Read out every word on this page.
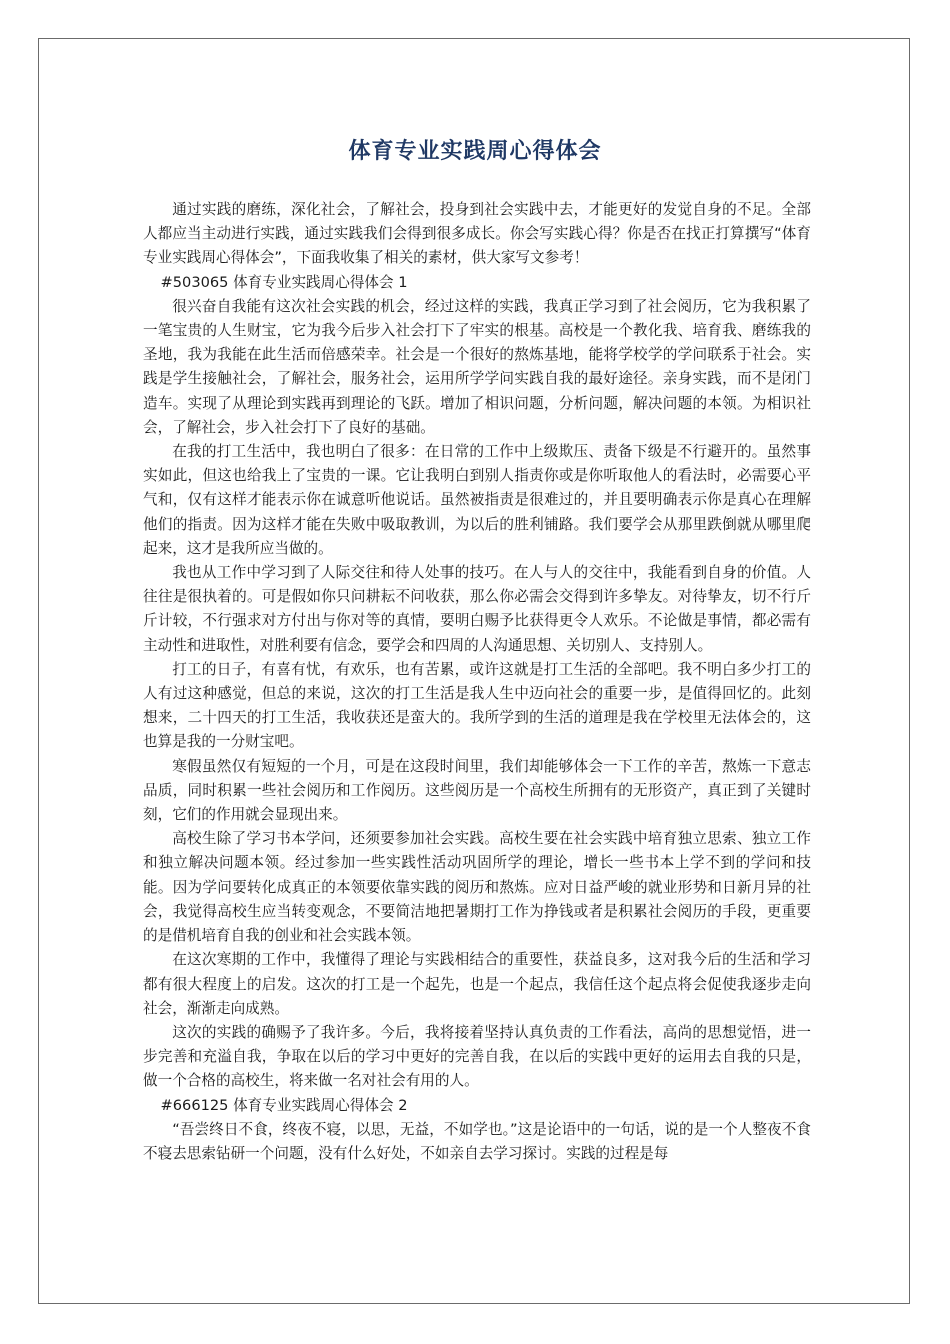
体育专业实践周心得体会

通过实践的磨练，深化社会，了解社会，投身到社会实践中去，才能更好的发觉自身的不足。全部人都应当主动进行实践，通过实践我们会得到很多成长。你会写实践心得？你是否在找正打算撰写“体育专业实践周心得体会”，下面我收集了相关的素材，供大家写文参考！

#503065 体育专业实践周心得体会 1

很兴奋自我能有这次社会实践的机会，经过这样的实践，我真正学习到了社会阅历，它为我积累了一笔宝贵的人生财宝，它为我今后步入社会打下了牢实的根基。高校是一个教化我、培育我、磨练我的圣地，我为我能在此生活而倍感荣幸。社会是一个很好的熬炼基地，能将学校学的学问联系于社会。实践是学生接触社会，了解社会，服务社会，运用所学学问实践自我的最好途径。亲身实践，而不是闭门造车。实现了从理论到实践再到理论的飞跃。增加了相识问题，分析问题，解决问题的本领。为相识社会，了解社会，步入社会打下了良好的基础。

在我的打工生活中，我也明白了很多：在日常的工作中上级欺压、责备下级是不行避开的。虽然事实如此，但这也给我上了宝贵的一课。它让我明白到别人指责你或是你听取他人的看法时，必需要心平气和，仅有这样才能表示你在诚意听他说话。虽然被指责是很难过的，并且要明确表示你是真心在理解他们的指责。因为这样才能在失败中吸取教训，为以后的胜利铺路。我们要学会从那里跌倒就从哪里爬起来，这才是我所应当做的。

我也从工作中学习到了人际交往和待人处事的技巧。在人与人的交往中，我能看到自身的价值。人往往是很执着的。可是假如你只问耕耘不问收获，那么你必需会交得到许多挚友。对待挚友，切不行斤斤计较，不行强求对方付出与你对等的真情，要明白赐予比获得更令人欢乐。不论做是事情，都必需有主动性和进取性，对胜利要有信念，要学会和四周的人沟通思想、关切别人、支持别人。

打工的日子，有喜有忧，有欢乐，也有苦累，或许这就是打工生活的全部吧。我不明白多少打工的人有过这种感觉，但总的来说，这次的打工生活是我人生中迈向社会的重要一步，是值得回忆的。此刻想来，二十四天的打工生活，我收获还是蛮大的。我所学到的生活的道理是我在学校里无法体会的，这也算是我的一分财宝吧。

寒假虽然仅有短短的一个月，可是在这段时间里，我们却能够体会一下工作的辛苦，熬炼一下意志品质，同时积累一些社会阅历和工作阅历。这些阅历是一个高校生所拥有的无形资产，真正到了关键时刻，它们的作用就会显现出来。

高校生除了学习书本学问，还须要参加社会实践。高校生要在社会实践中培育独立思索、独立工作和独立解决问题本领。经过参加一些实践性活动巩固所学的理论，增长一些书本上学不到的学问和技能。因为学问要转化成真正的本领要依靠实践的阅历和熬炼。应对日益严峻的就业形势和日新月异的社会，我觉得高校生应当转变观念，不要简洁地把暑期打工作为挣钱或者是积累社会阅历的手段，更重要的是借机培育自我的创业和社会实践本领。

在这次寒期的工作中，我懂得了理论与实践相结合的重要性，获益良多，这对我今后的生活和学习都有很大程度上的启发。这次的打工是一个起先，也是一个起点，我信任这个起点将会促使我逐步走向社会，渐渐走向成熟。

这次的实践的确赐予了我许多。今后，我将接着坚持认真负责的工作看法，高尚的思想觉悟，进一步完善和充溢自我，争取在以后的学习中更好的完善自我，在以后的实践中更好的运用去自我的只是，做一个合格的高校生，将来做一名对社会有用的人。

#666125 体育专业实践周心得体会 2

“吾尝终日不食，终夜不寝，以思，无益，不如学也。”这是论语中的一句话，说的是一个人整夜不食不寝去思索钻研一个问题，没有什么好处，不如亲自去学习探讨。实践的过程是每
